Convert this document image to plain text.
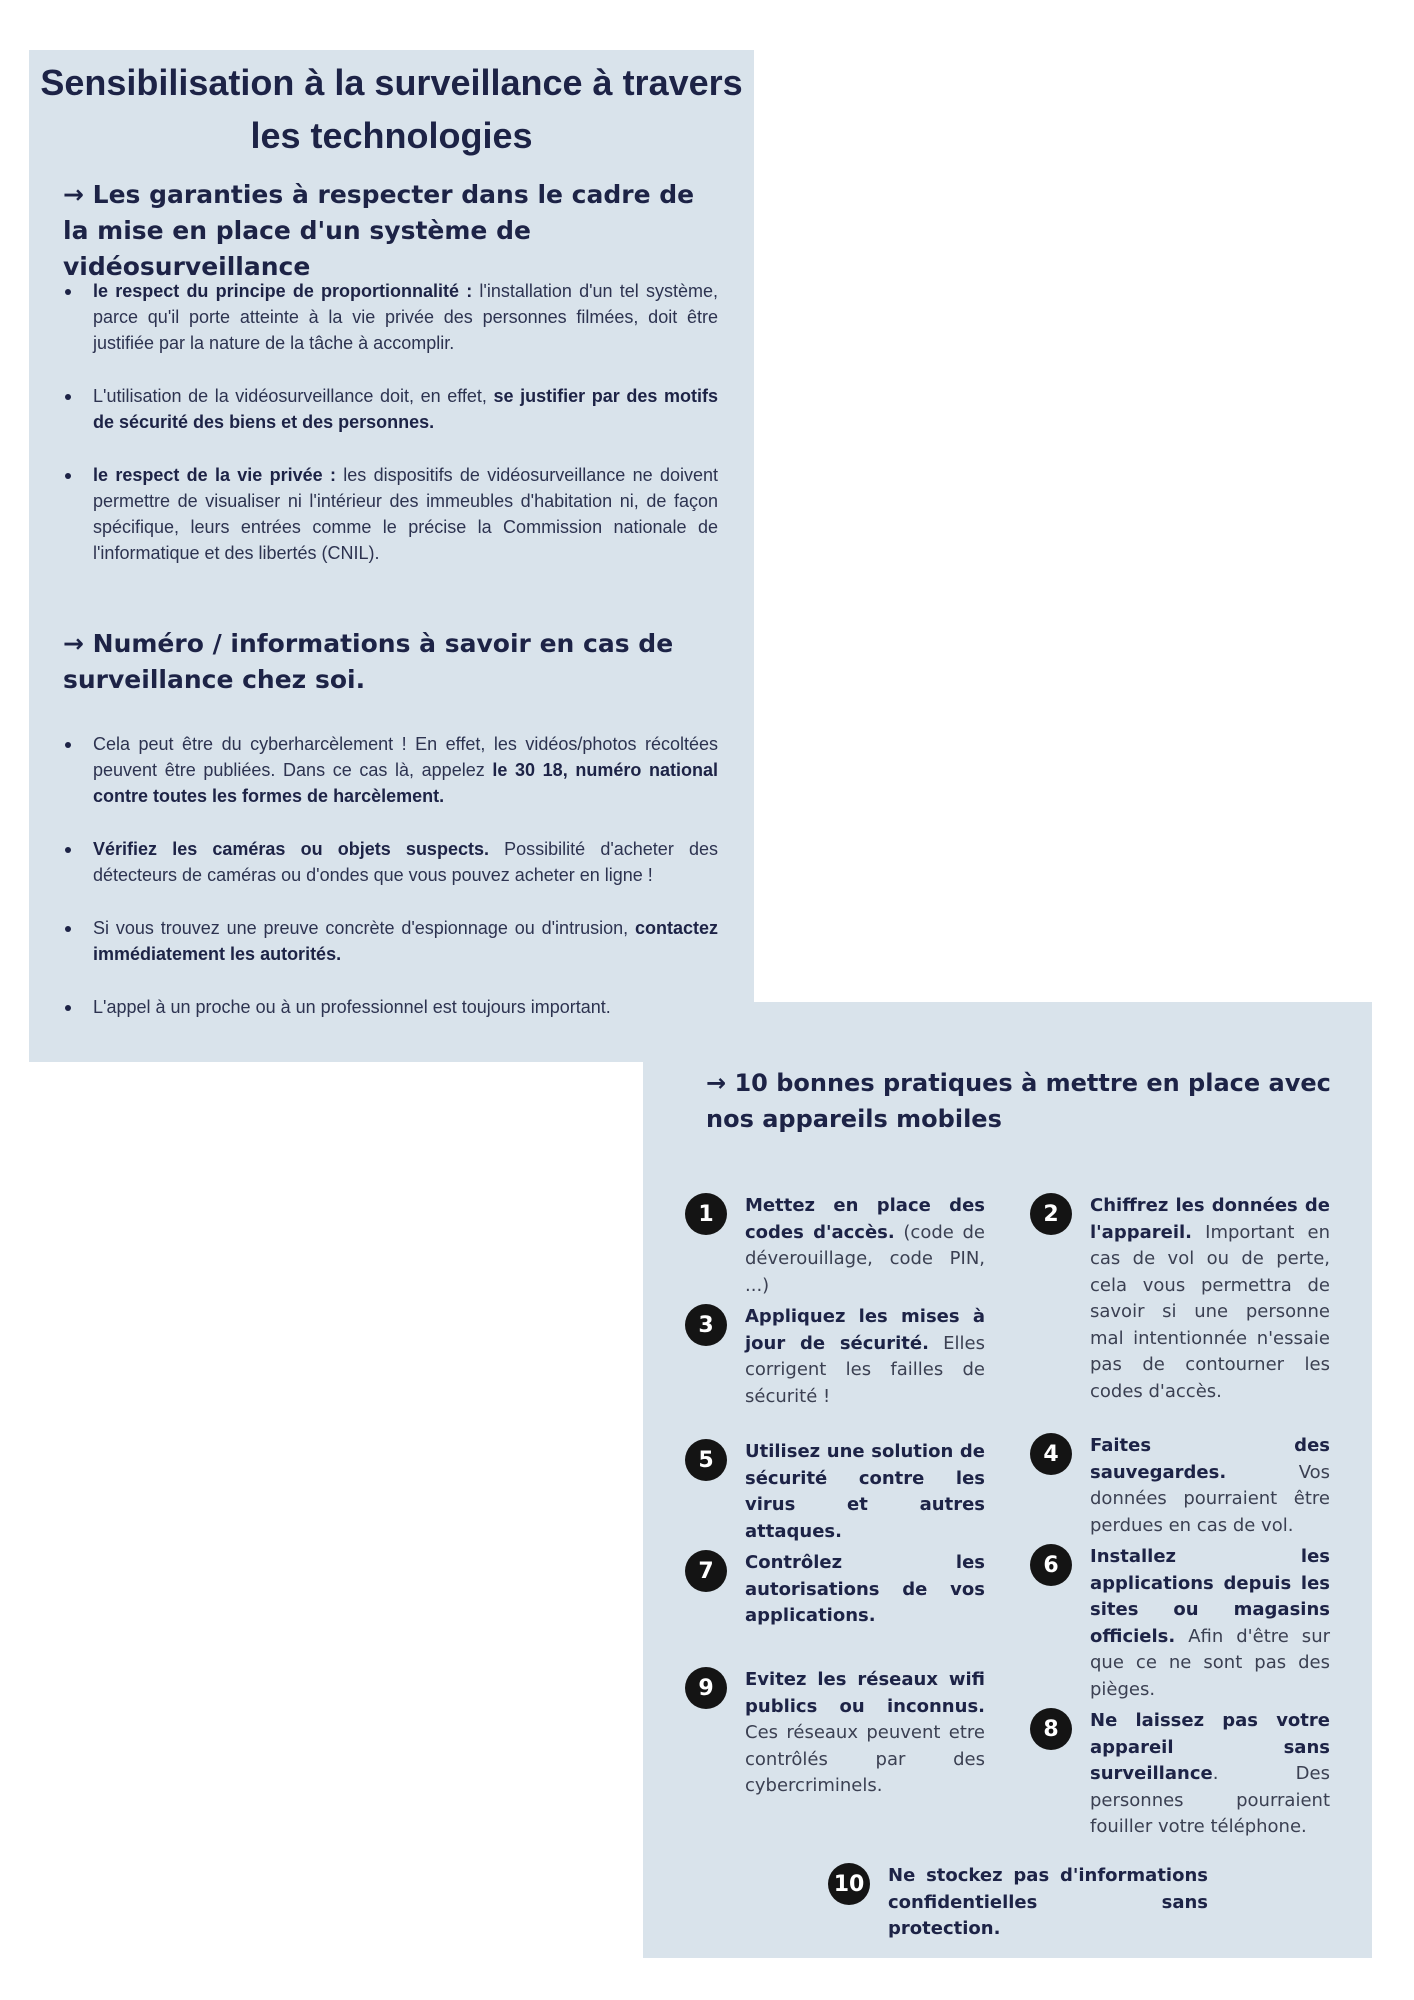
Sensibilisation à la surveillance à travers les technologies
→ Les garanties à respecter dans le cadre de la mise en place d'un système de vidéosurveillance
le respect du principe de proportionnalité : l'installation d'un tel système, parce qu'il porte atteinte à la vie privée des personnes filmées, doit être justifiée par la nature de la tâche à accomplir.
L'utilisation de la vidéosurveillance doit, en effet, se justifier par des motifs de sécurité des biens et des personnes.
le respect de la vie privée : les dispositifs de vidéosurveillance ne doivent permettre de visualiser ni l'intérieur des immeubles d'habitation ni, de façon spécifique, leurs entrées comme le précise la Commission nationale de l'informatique et des libertés (CNIL).
→ Numéro / informations à savoir en cas de surveillance chez soi.
Cela peut être du cyberharcèlement ! En effet, les vidéos/photos récoltées peuvent être publiées. Dans ce cas là, appelez le 30 18, numéro national contre toutes les formes de harcèlement.
Vérifiez les caméras ou objets suspects. Possibilité d'acheter des détecteurs de caméras ou d'ondes que vous pouvez acheter en ligne !
Si vous trouvez une preuve concrète d'espionnage ou d'intrusion, contactez immédiatement les autorités.
L'appel à un proche ou à un professionnel est toujours important.
→ 10 bonnes pratiques à mettre en place avec nos appareils mobiles
1	Mettez en place des codes d'accès. (code de déverouillage, code PIN, ...)
3	Appliquez les mises à jour de sécurité. Elles corrigent les failles de sécurité !
5	Utilisez une solution de sécurité contre les virus et autres attaques.
7	Contrôlez les autorisations de vos applications.
9	Evitez les réseaux wifi publics ou inconnus. Ces réseaux peuvent etre contrôlés par des cybercriminels.
2	Chiffrez les données de l'appareil. Important en cas de vol ou de perte, cela vous permettra de savoir si une personne mal intentionnée n'essaie pas de contourner les codes d'accès.
4	Faites des sauvegardes. Vos données pourraient être perdues en cas de vol.
6	Installez les applications depuis les sites ou magasins officiels. Afin d'être sur que ce ne sont pas des pièges.
8	Ne laissez pas votre appareil sans surveillance. Des personnes pourraient fouiller votre téléphone.
10	Ne stockez pas d'informations confidentielles sans protection.
